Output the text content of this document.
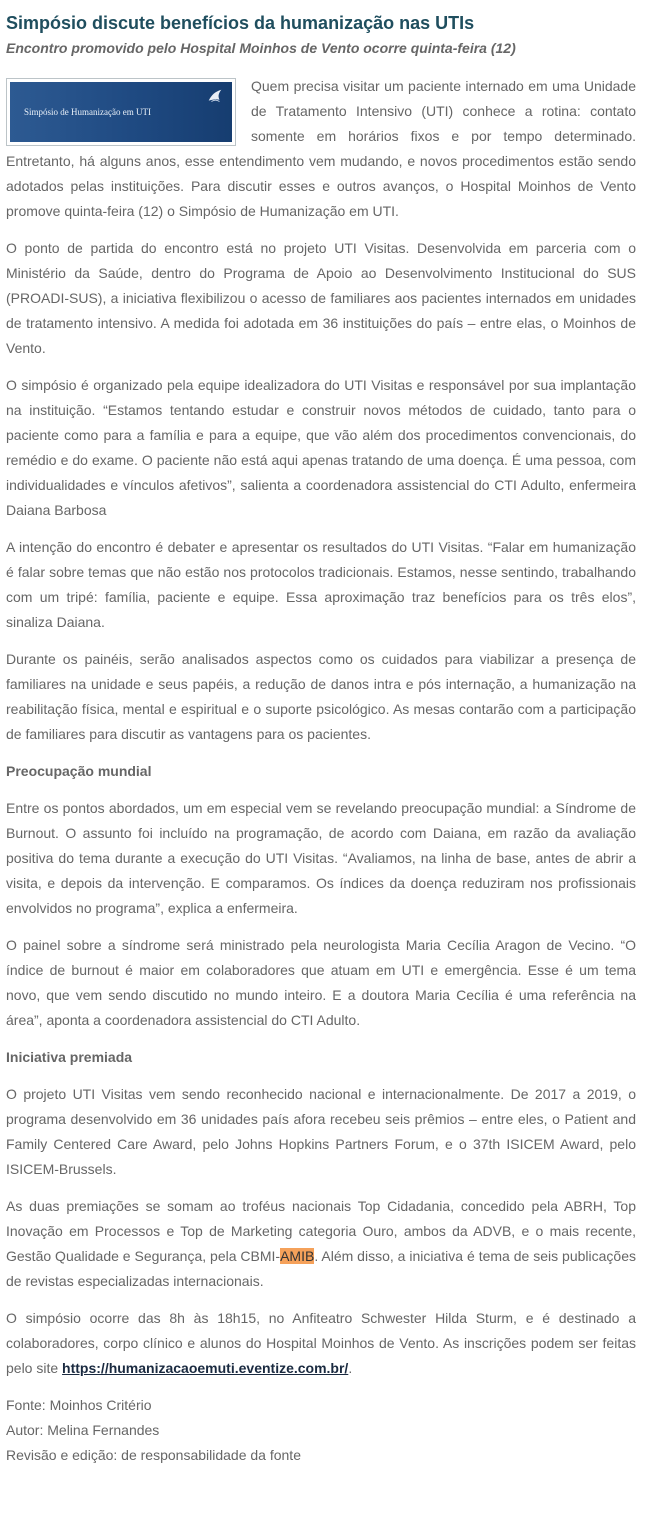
Simpósio discute benefícios da humanização nas UTIs
Encontro promovido pelo Hospital Moinhos de Vento ocorre quinta-feira (12)
Simpósio de Humanização em UTI

Quem precisa visitar um paciente internado em uma Unidade de Tratamento Intensivo (UTI) conhece a rotina: contato somente em horários fixos e por tempo determinado. Entretanto, há alguns anos, esse entendimento vem mudando, e novos procedimentos estão sendo adotados pelas instituições. Para discutir esses e outros avanços, o Hospital Moinhos de Vento promove quinta-feira (12) o Simpósio de Humanização em UTI.

O ponto de partida do encontro está no projeto UTI Visitas. Desenvolvida em parceria com o Ministério da Saúde, dentro do Programa de Apoio ao Desenvolvimento Institucional do SUS (PROADI-SUS), a iniciativa flexibilizou o acesso de familiares aos pacientes internados em unidades de tratamento intensivo. A medida foi adotada em 36 instituições do país – entre elas, o Moinhos de Vento.

O simpósio é organizado pela equipe idealizadora do UTI Visitas e responsável por sua implantação na instituição. “Estamos tentando estudar e construir novos métodos de cuidado, tanto para o paciente como para a família e para a equipe, que vão além dos procedimentos convencionais, do remédio e do exame. O paciente não está aqui apenas tratando de uma doença. É uma pessoa, com individualidades e vínculos afetivos”, salienta a coordenadora assistencial do CTI Adulto, enfermeira Daiana Barbosa

A intenção do encontro é debater e apresentar os resultados do UTI Visitas. “Falar em humanização é falar sobre temas que não estão nos protocolos tradicionais. Estamos, nesse sentindo, trabalhando com um tripé: família, paciente e equipe. Essa aproximação traz benefícios para os três elos”, sinaliza Daiana.

Durante os painéis, serão analisados aspectos como os cuidados para viabilizar a presença de familiares na unidade e seus papéis, a redução de danos intra e pós internação, a humanização na reabilitação física, mental e espiritual e o suporte psicológico. As mesas contarão com a participação de familiares para discutir as vantagens para os pacientes.

Preocupação mundial

Entre os pontos abordados, um em especial vem se revelando preocupação mundial: a Síndrome de Burnout. O assunto foi incluído na programação, de acordo com Daiana, em razão da avaliação positiva do tema durante a execução do UTI Visitas. “Avaliamos, na linha de base, antes de abrir a visita, e depois da intervenção. E comparamos. Os índices da doença reduziram nos profissionais envolvidos no programa”, explica a enfermeira.

O painel sobre a síndrome será ministrado pela neurologista Maria Cecília Aragon de Vecino. “O índice de burnout é maior em colaboradores que atuam em UTI e emergência. Esse é um tema novo, que vem sendo discutido no mundo inteiro. E a doutora Maria Cecília é uma referência na área”, aponta a coordenadora assistencial do CTI Adulto.

Iniciativa premiada

O projeto UTI Visitas vem sendo reconhecido nacional e internacionalmente. De 2017 a 2019, o programa desenvolvido em 36 unidades país afora recebeu seis prêmios – entre eles, o Patient and Family Centered Care Award, pelo Johns Hopkins Partners Forum, e o 37th ISICEM Award, pelo ISICEM-Brussels.

As duas premiações se somam ao troféus nacionais Top Cidadania, concedido pela ABRH, Top Inovação em Processos e Top de Marketing categoria Ouro, ambos da ADVB, e o mais recente, Gestão Qualidade e Segurança, pela CBMI-AMIB. Além disso, a iniciativa é tema de seis publicações de revistas especializadas internacionais.

O simpósio ocorre das 8h às 18h15, no Anfiteatro Schwester Hilda Sturm, e é destinado a colaboradores, corpo clínico e alunos do Hospital Moinhos de Vento. As inscrições podem ser feitas pelo site https://humanizacaoemuti.eventize.com.br/.

Fonte: Moinhos Critério

Autor: Melina Fernandes

Revisão e edição: de responsabilidade da fonte
